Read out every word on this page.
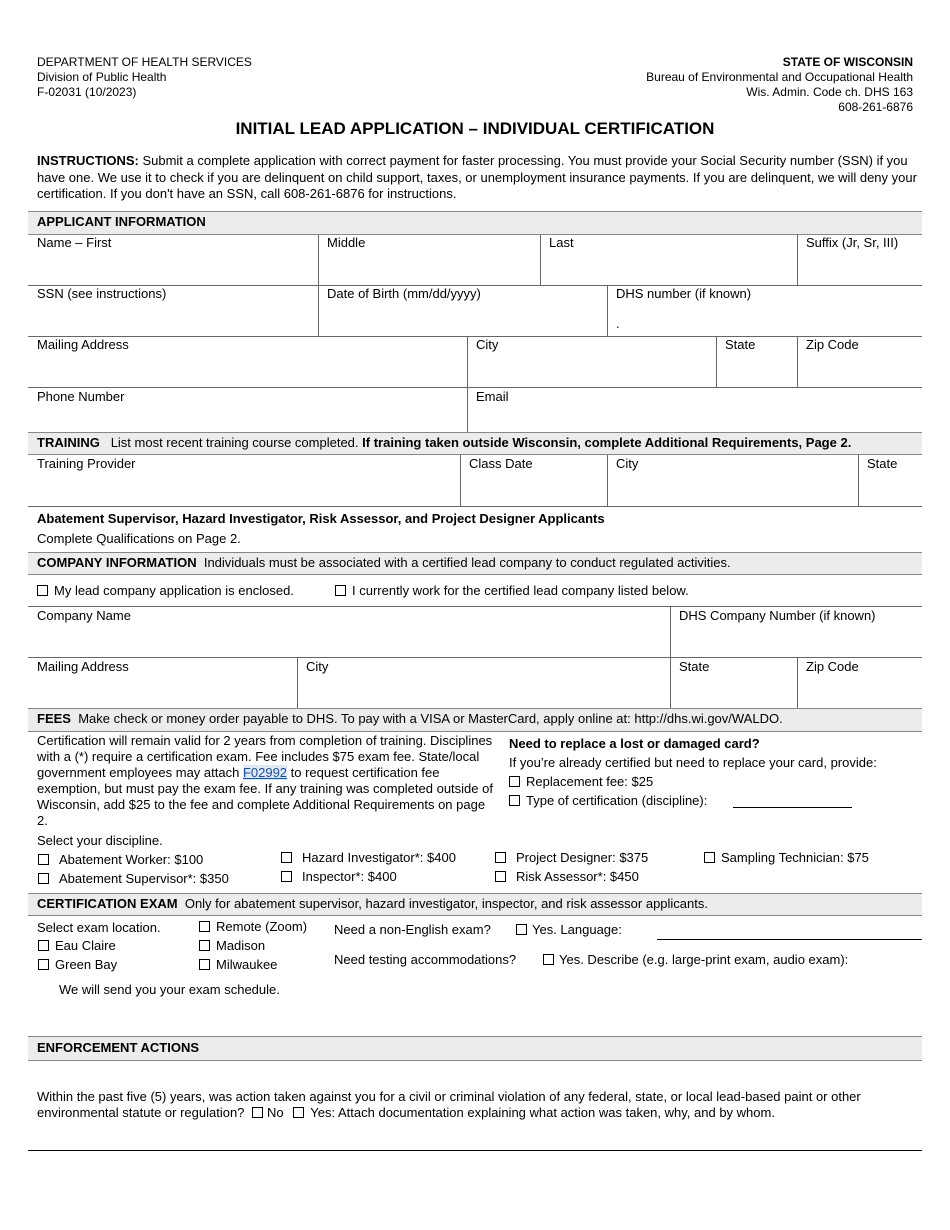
DEPARTMENT OF HEALTH SERVICES
Division of Public Health
F-02031 (10/2023)
STATE OF WISCONSIN
Bureau of Environmental and Occupational Health
Wis. Admin. Code ch. DHS 163
608-261-6876
INITIAL LEAD APPLICATION – INDIVIDUAL CERTIFICATION
INSTRUCTIONS: Submit a complete application with correct payment for faster processing. You must provide your Social Security number (SSN) if you have one. We use it to check if you are delinquent on child support, taxes, or unemployment insurance payments. If you are delinquent, we will deny your certification. If you don't have an SSN, call 608-261-6876 for instructions.
APPLICANT INFORMATION
Name – First	Middle	Last	Suffix (Jr, Sr, III)
SSN (see instructions)	Date of Birth (mm/dd/yyyy)	DHS number (if known)
.
Mailing Address	City	State	Zip Code
Phone Number	Email
TRAINING List most recent training course completed. If training taken outside Wisconsin, complete Additional Requirements, Page 2.
Training Provider	Class Date	City	State
Abatement Supervisor, Hazard Investigator, Risk Assessor, and Project Designer Applicants
Complete Qualifications on Page 2.
COMPANY INFORMATION Individuals must be associated with a certified lead company to conduct regulated activities.
My lead company application is enclosed.	I currently work for the certified lead company listed below.
Company Name	DHS Company Number (if known)
Mailing Address	City	State	Zip Code
FEES Make check or money order payable to DHS. To pay with a VISA or MasterCard, apply online at: http://dhs.wi.gov/WALDO.
Certification will remain valid for 2 years from completion of training. Disciplines with a (*) require a certification exam. Fee includes $75 exam fee. State/local government employees may attach F02992 to request certification fee exemption, but must pay the exam fee. If any training was completed outside of Wisconsin, add $25 to the fee and complete Additional Requirements on page 2.
Need to replace a lost or damaged card?
If you’re already certified but need to replace your card, provide:
Replacement fee: $25
Type of certification (discipline):
Select your discipline.
Abatement Worker: $100
Abatement Supervisor*: $350
Hazard Investigator*: $400
Inspector*: $400
Project Designer: $375
Risk Assessor*: $450
Sampling Technician: $75
CERTIFICATION EXAM Only for abatement supervisor, hazard investigator, inspector, and risk assessor applicants.
Select exam location.	Remote (Zoom)
Eau Claire	Madison
Green Bay	Milwaukee
Need a non-English exam?	Yes. Language:
Need testing accommodations?	Yes. Describe (e.g. large-print exam, audio exam):
We will send you your exam schedule.
ENFORCEMENT ACTIONS
Within the past five (5) years, was action taken against you for a civil or criminal violation of any federal, state, or local lead-based paint or other environmental statute or regulation? No Yes: Attach documentation explaining what action was taken, why, and by whom.
